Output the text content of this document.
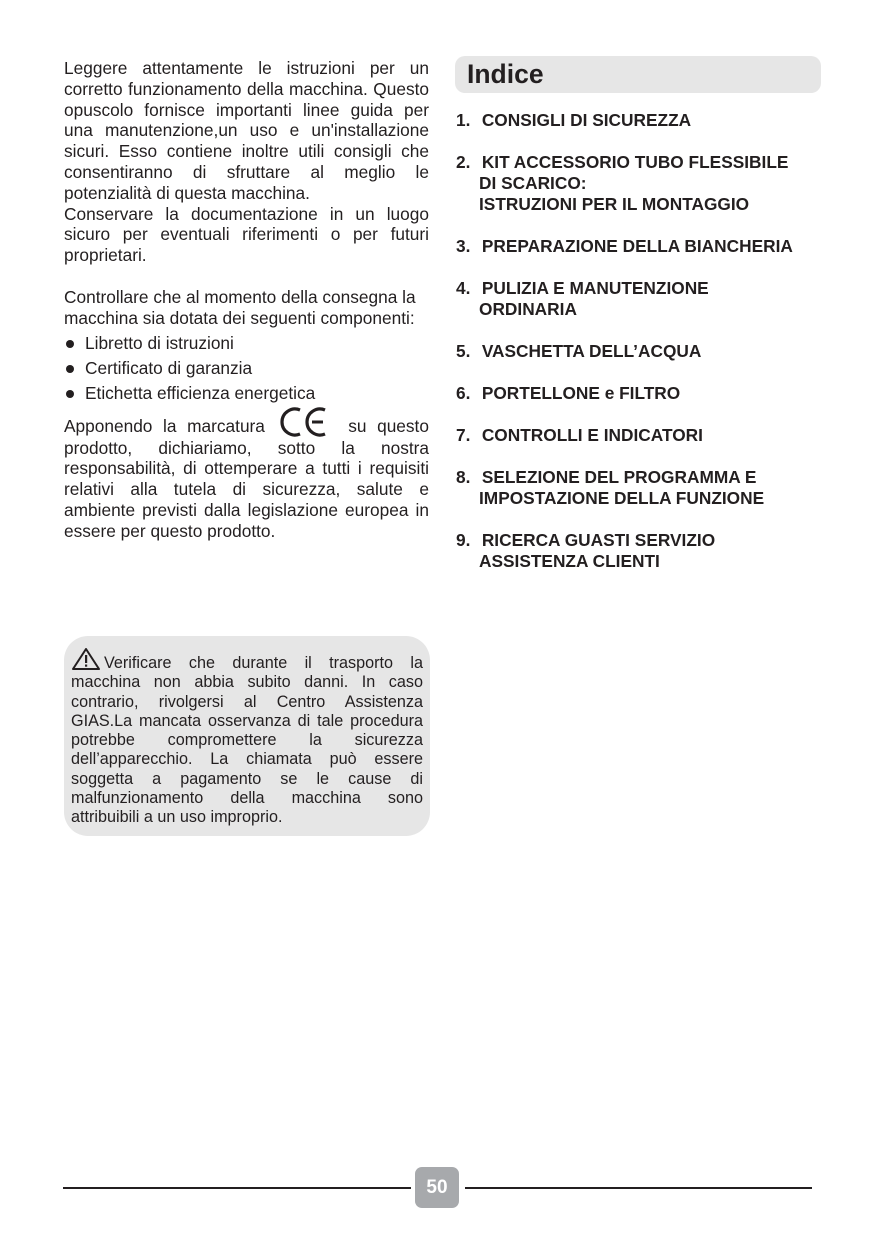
Leggere attentamente le istruzioni per un corretto funzionamento della macchina. Questo opuscolo fornisce importanti linee guida per una manutenzione,un uso e un'installazione sicuri. Esso contiene inoltre utili consigli che consentiranno di sfruttare al meglio le potenzialità di questa macchina.

Conservare la documentazione in un luogo sicuro per eventuali riferimenti o per futuri proprietari.

Controllare che al momento della consegna la macchina sia dotata dei seguenti componenti:

Libretto di istruzioni
Certificato di garanzia
Etichetta efficienza energetica

Apponendo la marcatura	su questo prodotto, dichiariamo, sotto la nostra responsabilità, di ottemperare a tutti i requisiti relativi alla tutela di sicurezza, salute e ambiente previsti dalla legislazione europea in essere per questo prodotto.

Verificare che durante il trasporto la macchina non abbia subito danni. In caso contrario, rivolgersi al Centro Assistenza GIAS.La mancata osservanza di tale procedura potrebbe compromettere la sicurezza dell’apparecchio. La chiamata può essere soggetta a pagamento se le cause di malfunzionamento della macchina sono attribuibili a un uso improprio.

Indice
1. CONSIGLI DI SICUREZZA
2. KIT ACCESSORIO TUBO FLESSIBILE
DI SCARICO:
ISTRUZIONI PER IL MONTAGGIO
3. PREPARAZIONE DELLA BIANCHERIA
4. PULIZIA E MANUTENZIONE
ORDINARIA
5. VASCHETTA DELL’ACQUA
6. PORTELLONE e FILTRO
7. CONTROLLI E INDICATORI
8. SELEZIONE DEL PROGRAMMA E
IMPOSTAZIONE DELLA FUNZIONE
9. RICERCA GUASTI SERVIZIO
ASSISTENZA CLIENTI
50
